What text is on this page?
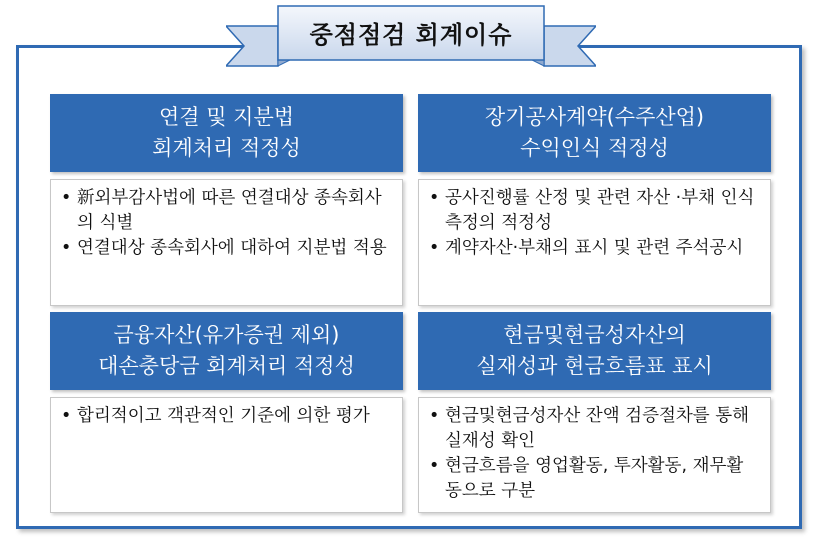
중점점검 회계이슈
연결 및 지분법
회계처리 적정성
• 新외부감사법에 따른 연결대상 종속회사의 식별
• 연결대상 종속회사에 대하여 지분법 적용
장기공사계약(수주산업)
수익인식 적정성
• 공사진행률 산정 및 관련 자산 ·부채 인식 측정의 적정성
• 계약자산·부채의 표시 및 관련 주석공시
금융자산(유가증권 제외)
대손충당금 회계처리 적정성
• 합리적이고 객관적인 기준에 의한 평가
현금및현금성자산의
실재성과 현금흐름표 표시
• 현금및현금성자산 잔액 검증절차를 통해 실재성 확인
• 현금흐름을 영업활동, 투자활동, 재무활동으로 구분
